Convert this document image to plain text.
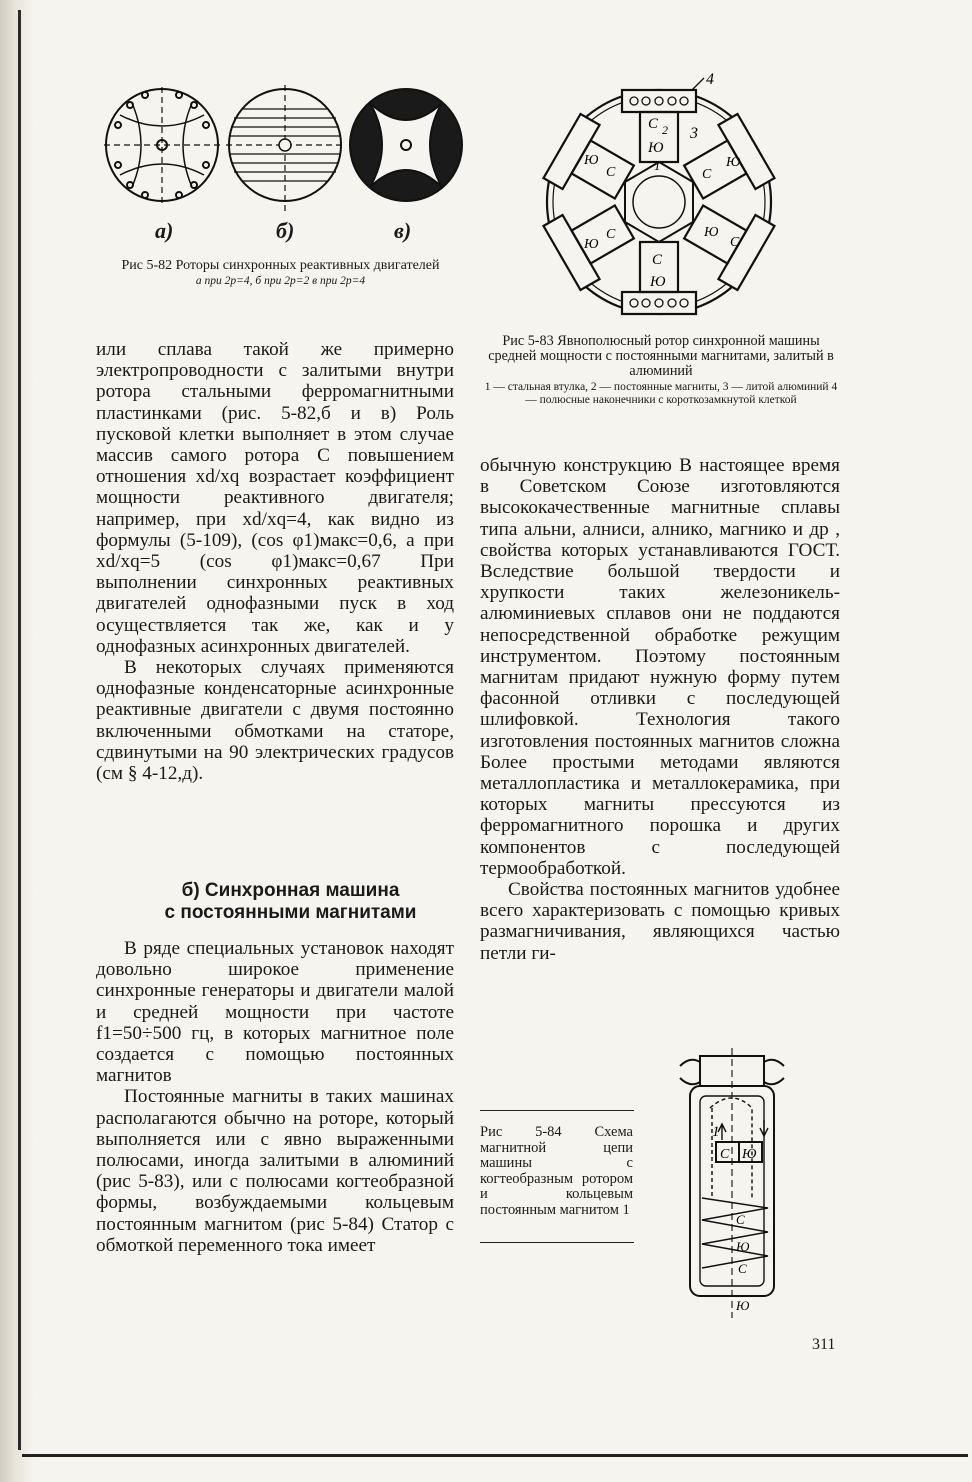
а)	б)	в)
Рис 5-82 Роторы синхронных реактивных двигателей
а при 2p=4, б при 2p=2 в при 2p=4
4
С 2 3
Ю
1
С
Ю
С
Ю
С
Ю
С
Ю	С
Ю
Рис 5-83 Явнополюсный ротор синхронной машины средней мощности с постоянными магнитами, залитый в алюминий
1 — стальная втулка, 2 — постоянные магниты, 3 — литой алюминий 4 — полюсные наконечники с короткозамкнутой клеткой

или сплава такой же примерно электропроводности с залитыми внутри ротора стальными ферромагнитными пластинками (рис. 5-82,б и в) Роль пусковой клетки выполняет в этом случае массив самого ротора С повышением отношения xd/xq возрастает коэффициент мощности реактивного двигателя; например, при xd/xq=4, как видно из формулы (5-109), (cos φ1)макс=0,6, а при xd/xq=5 (cos φ1)макс=0,67 При выполнении синхронных реактивных двигателей однофазными пуск в ход осуществляется так же, как и у однофазных асинхронных двигателей.

В некоторых случаях применяются однофазные конденсаторные асинхронные реактивные двигатели с двумя постоянно включенными обмотками на статоре, сдвинутыми на 90 электрических градусов (см § 4-12,д).

б) Синхронная машина
с постоянными магнитами

В ряде специальных установок находят довольно широкое применение синхронные генераторы и двигатели малой и средней мощности при частоте f1=50÷500 гц, в которых магнитное поле создается с помощью постоянных магнитов

Постоянные магниты в таких машинах располагаются обычно на роторе, который выполняется или с явно выраженными полюсами, иногда залитыми в алюминий (рис 5-83), или с полюсами когтеобразной формы, возбуждаемыми кольцевым постоянным магнитом (рис 5-84) Статор с обмоткой переменного тока имеет

обычную конструкцию В настоящее время в Советском Союзе изготовляются высококачественные магнитные сплавы типа альни, алниси, алнико, магнико и др , свойства которых устанавливаются ГОСТ. Вследствие большой твердости и хрупкости таких железоникель-алюминиевых сплавов они не поддаются непосредственной обработке режущим инструментом. Поэтому постоянным магнитам придают нужную форму путем фасонной отливки с последующей шлифовкой. Технология такого изготовления постоянных магнитов сложна Более простыми методами являются металлопластика и металлокерамика, при которых магниты прессуются из ферромагнитного порошка и других компонентов с последующей термообработкой.

Свойства постоянных магнитов удобнее всего характеризовать с помощью кривых размагничивания, являющихся частью петли ги-

Рис 5-84 Схема магнитной цепи машины с когтеобразным ротором и кольцевым постоянным магнитом 1
1
С Ю
С
Ю
С
Ю
311
